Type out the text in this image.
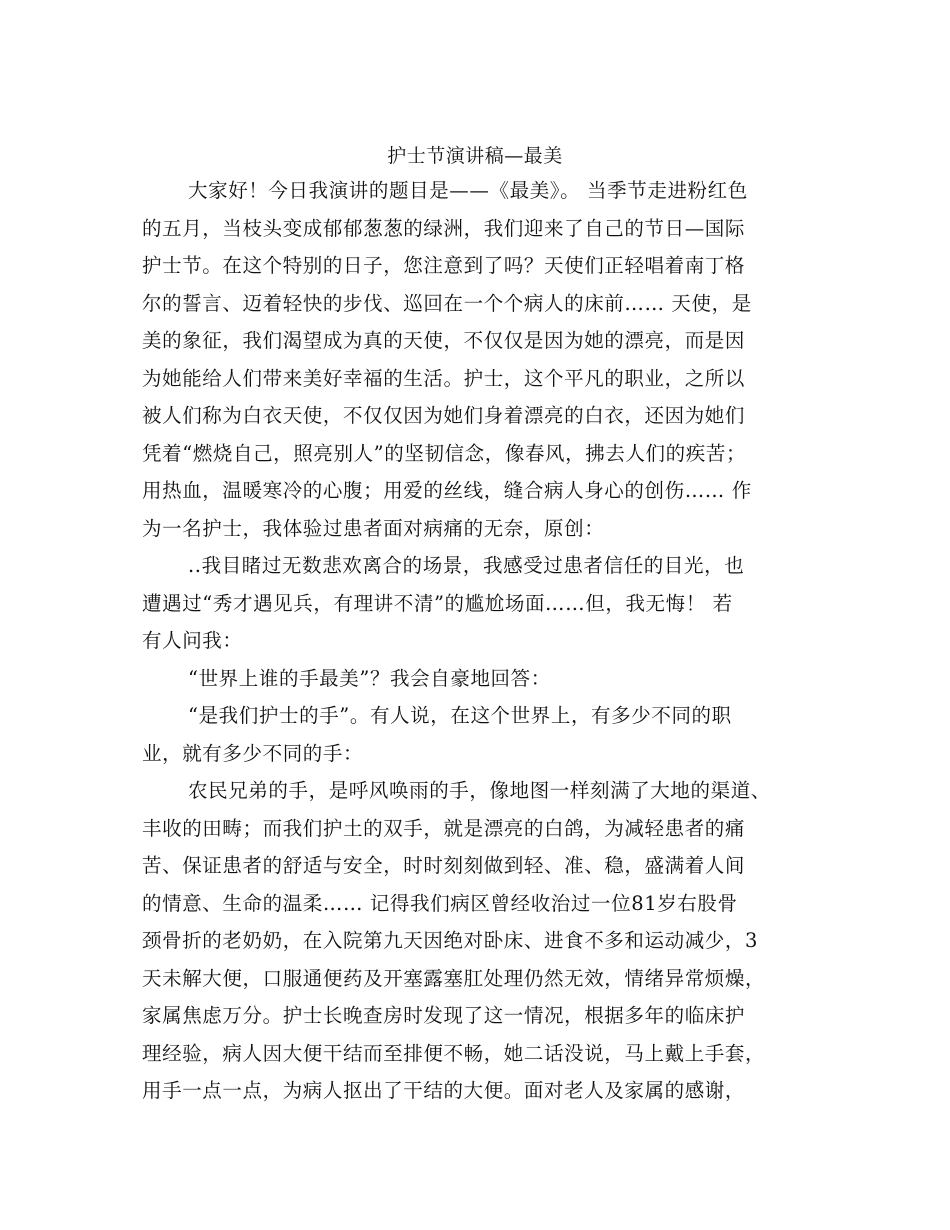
护士节演讲稿—最美
大家好！今日我演讲的题目是——《最美》。 当季节走进粉红色
的五月，当枝头变成郁郁葱葱的绿洲，我们迎来了自己的节日—国际
护士节。在这个特别的日子，您注意到了吗？天使们正轻唱着南丁格
尔的誓言、迈着轻快的步伐、巡回在一个个病人的床前…… 天使，是
美的象征，我们渴望成为真的天使，不仅仅是因为她的漂亮，而是因
为她能给人们带来美好幸福的生活。护士，这个平凡的职业，之所以
被人们称为白衣天使，不仅仅因为她们身着漂亮的白衣，还因为她们
凭着“燃烧自己，照亮别人”的坚韧信念，像春风，拂去人们的疾苦；
用热血，温暖寒冷的心腹；用爱的丝线，缝合病人身心的创伤…… 作
为一名护士，我体验过患者面对病痛的无奈，原创：
..我目睹过无数悲欢离合的场景，我感受过患者信任的目光，也
遭遇过“秀才遇见兵，有理讲不清”的尴尬场面……但，我无悔！ 若
有人问我：
“世界上谁的手最美”？我会自豪地回答：
“是我们护士的手”。有人说，在这个世界上，有多少不同的职
业，就有多少不同的手：
农民兄弟的手，是呼风唤雨的手，像地图一样刻满了大地的渠道、
丰收的田畴；而我们护土的双手，就是漂亮的白鸽，为减轻患者的痛
苦、保证患者的舒适与安全，时时刻刻做到轻、准、稳，盛满着人间
的情意、生命的温柔…… 记得我们病区曾经收治过一位81岁右股骨
颈骨折的老奶奶，在入院第九天因绝对卧床、进食不多和运动减少，3
天未解大便，口服通便药及开塞露塞肛处理仍然无效，情绪异常烦燥，
家属焦虑万分。护士长晚查房时发现了这一情况，根据多年的临床护
理经验，病人因大便干结而至排便不畅，她二话没说，马上戴上手套，
用手一点一点，为病人抠出了干结的大便。面对老人及家属的感谢，
